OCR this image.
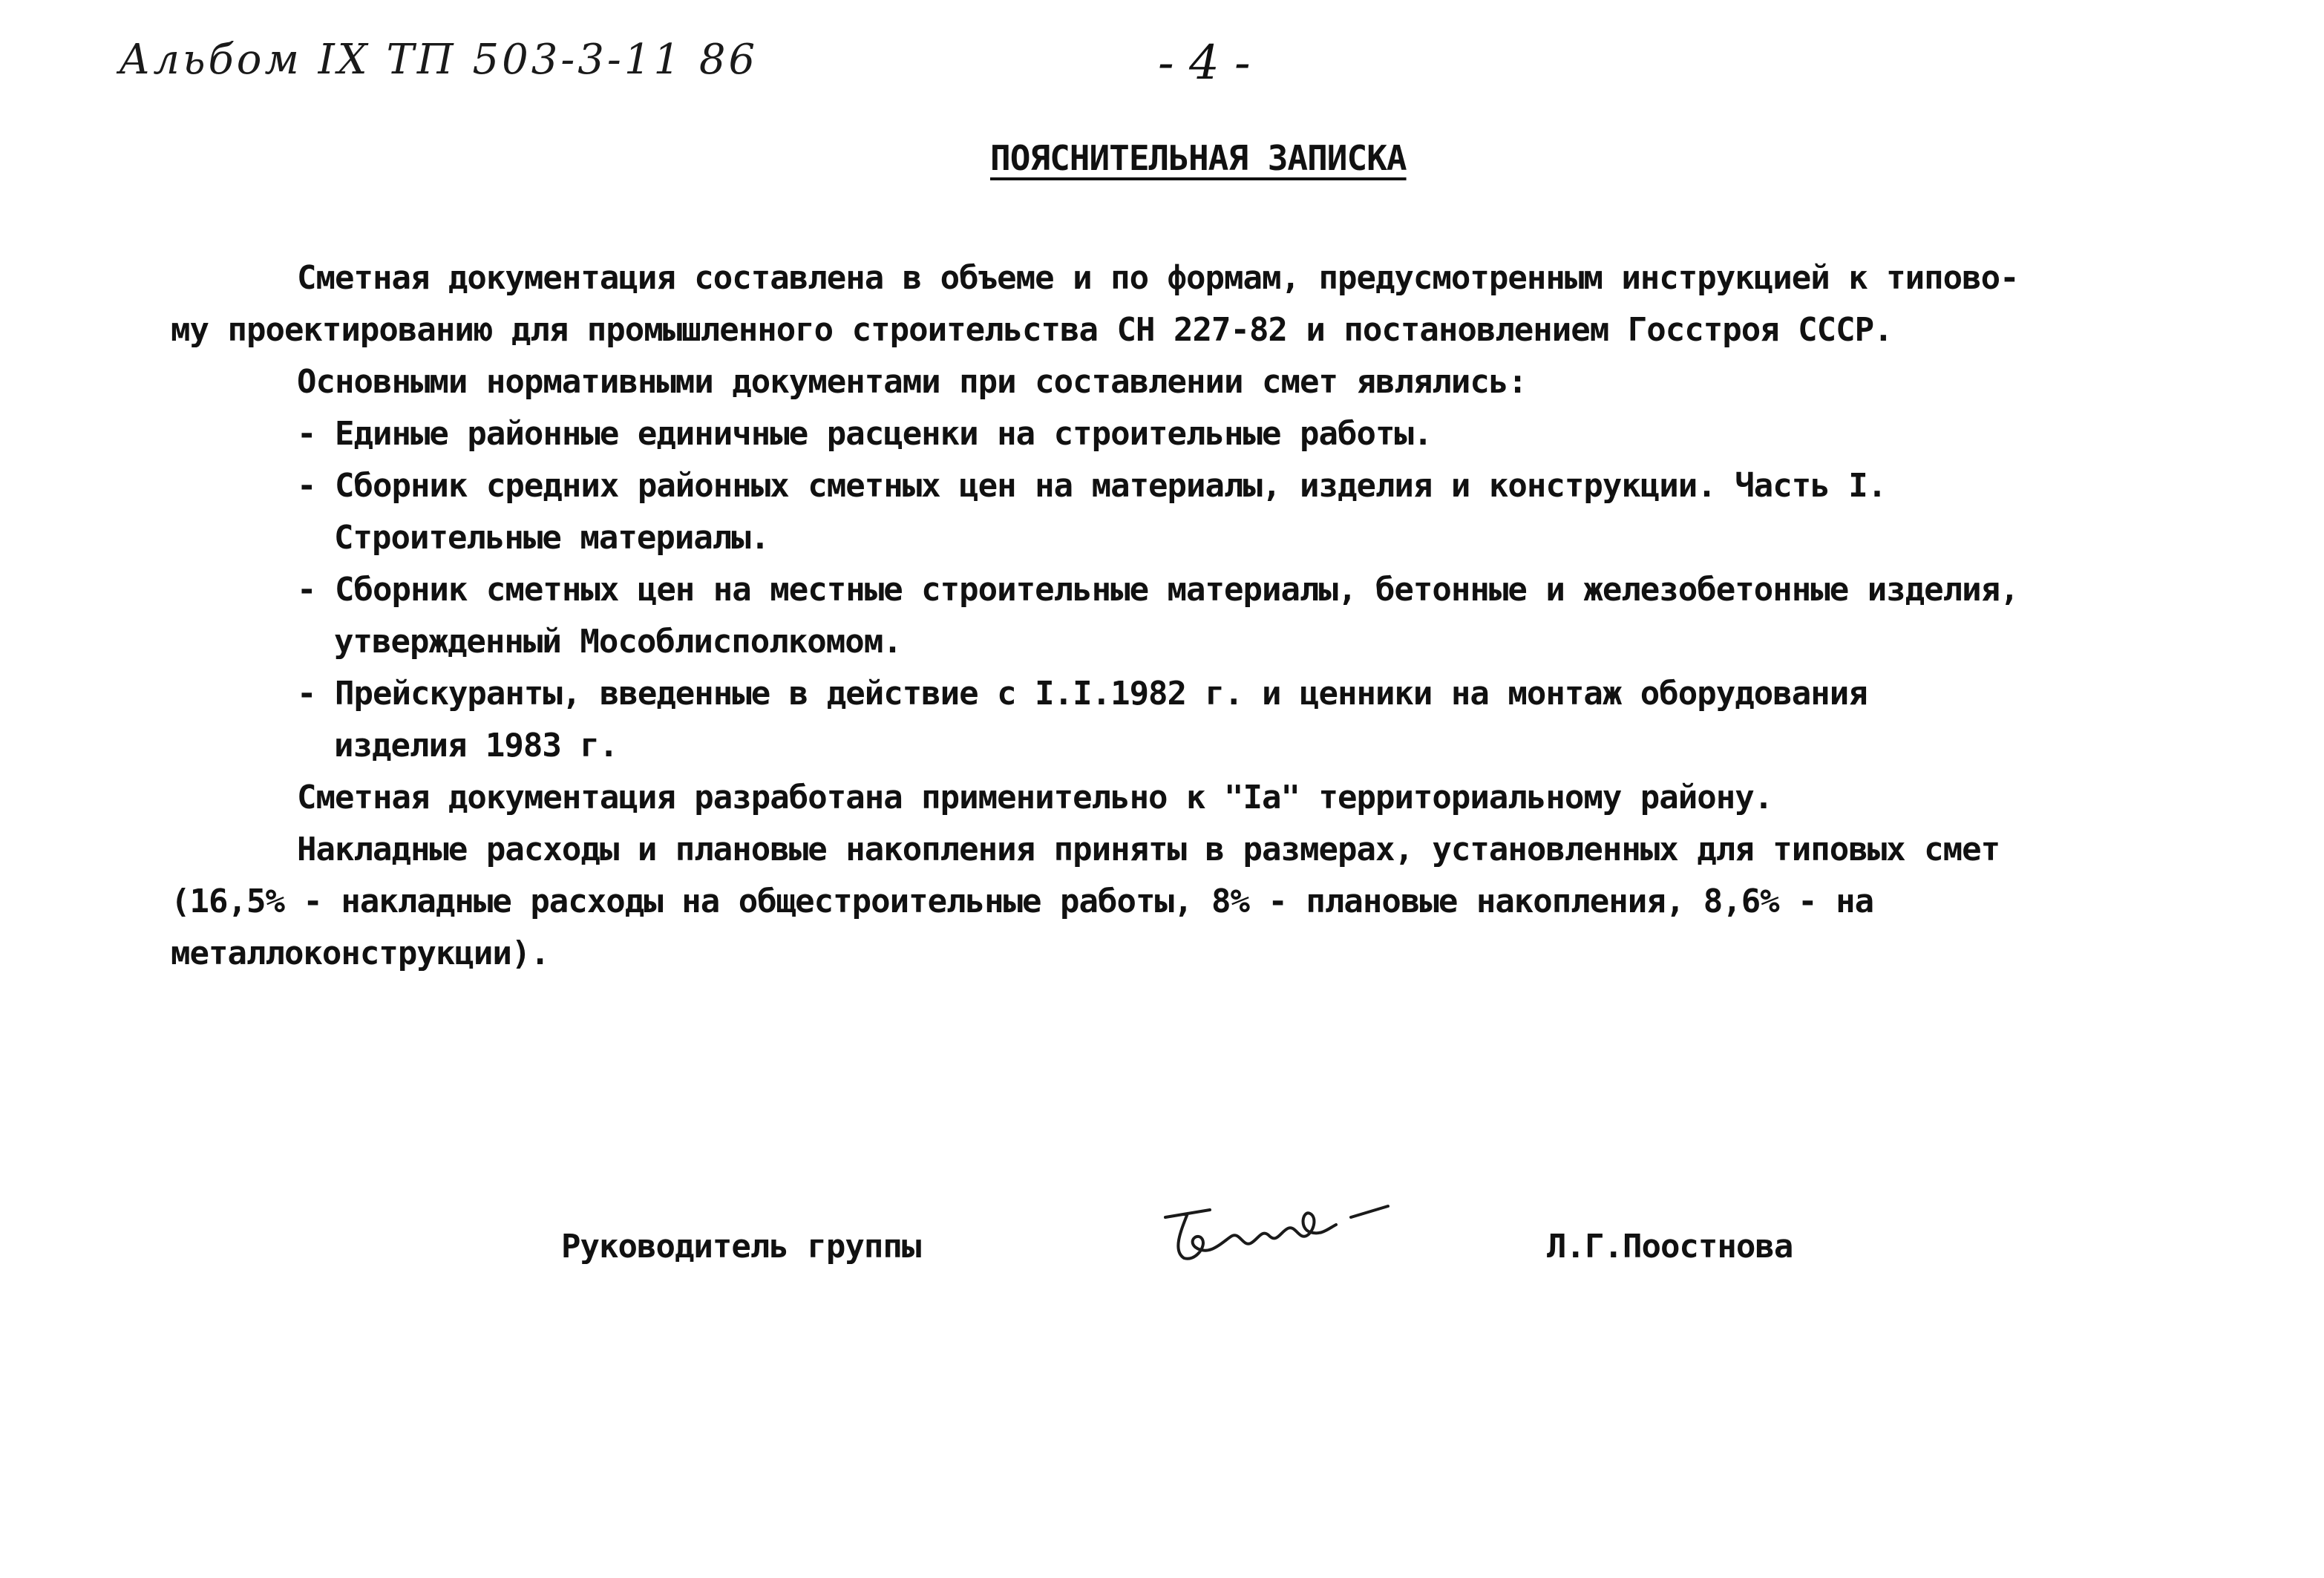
Альбом IX ТП 503-3-11 86	- 4 -
ПОЯСНИТЕЛЬНАЯ ЗАПИСКА

Сметная документация составлена в объеме и по формам, предусмотренным инструкцией к типово-

му проектированию для промышленного строительства СН 227-82 и постановлением Госстроя СССР.

Основными нормативными документами при составлении смет являлись:

- Единые районные единичные расценки на строительные работы.

- Сборник средних районных сметных цен на материалы, изделия и конструкции. Часть I.

Строительные материалы.

- Сборник сметных цен на местные строительные материалы, бетонные и железобетонные изделия,

утвержденный Мособлисполкомом.

- Прейскуранты, введенные в действие с I.I.1982 г. и ценники на монтаж оборудования

изделия 1983 г.

Сметная документация разработана применительно к "Iа" территориальному району.

Накладные расходы и плановые накопления приняты в размерах, установленных для типовых смет

(16,5% - накладные расходы на общестроительные работы, 8% - плановые накопления, 8,6% - на

металлоконструкции).

Руководитель группы	Л.Г.Поостнова
